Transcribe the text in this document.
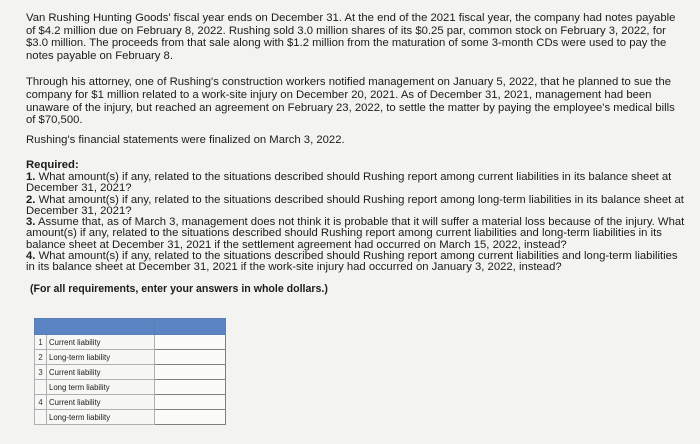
Van Rushing Hunting Goods' fiscal year ends on December 31. At the end of the 2021 fiscal year, the company had notes payable of $4.2 million due on February 8, 2022. Rushing sold 3.0 million shares of its $0.25 par, common stock on February 3, 2022, for $3.0 million. The proceeds from that sale along with $1.2 million from the maturation of some 3-month CDs were used to pay the notes payable on February 8.

Through his attorney, one of Rushing's construction workers notified management on January 5, 2022, that he planned to sue the company for $1 million related to a work-site injury on December 20, 2021. As of December 31, 2021, management had been unaware of the injury, but reached an agreement on February 23, 2022, to settle the matter by paying the employee's medical bills of $70,500.

Rushing's financial statements were finalized on March 3, 2022.

Required:

1. What amount(s) if any, related to the situations described should Rushing report among current liabilities in its balance sheet at December 31, 2021?
2. What amount(s) if any, related to the situations described should Rushing report among long-term liabilities in its balance sheet at December 31, 2021?
3. Assume that, as of March 3, management does not think it is probable that it will suffer a material loss because of the injury. What amount(s) if any, related to the situations described should Rushing report among current liabilities and long-term liabilities in its balance sheet at December 31, 2021 if the settlement agreement had occurred on March 15, 2022, instead?
4. What amount(s) if any, related to the situations described should Rushing report among current liabilities and long-term liabilities in its balance sheet at December 31, 2021 if the work-site injury had occurred on January 3, 2022, instead?

(For all requirements, enter your answers in whole dollars.)

1	Current liability	

2	Long-term liability	

3	Current liability	

	Long term liability	

4	Current liability	

	Long-term liability	
